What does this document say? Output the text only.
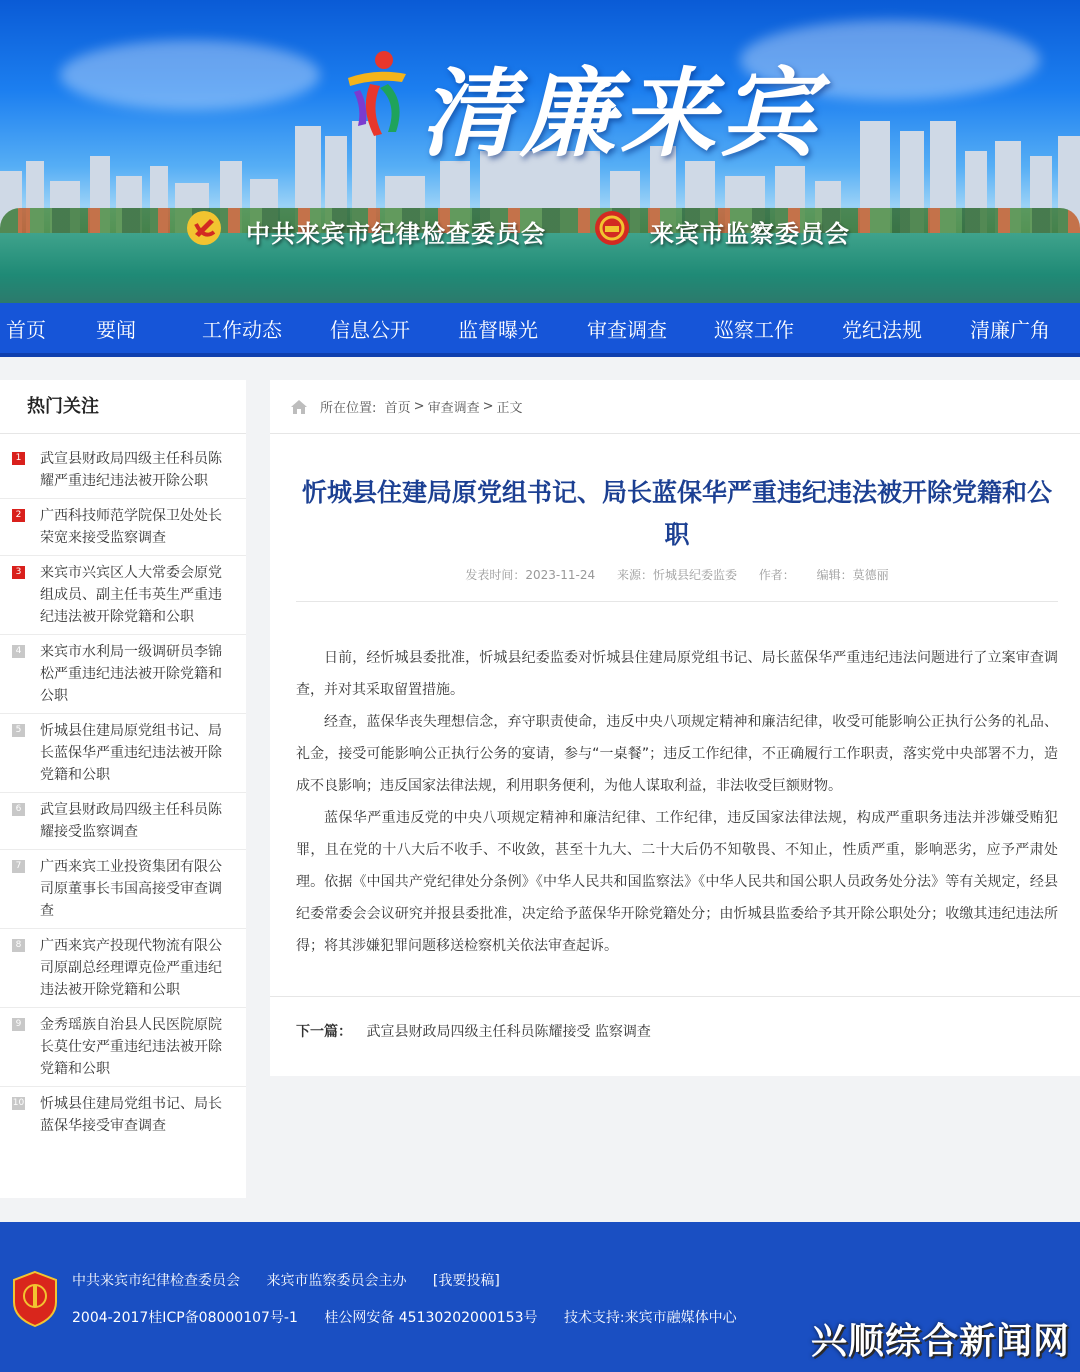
清廉来宾
中共来宾市纪律检查委员会	来宾市监察委员会
首页	要闻	工作动态 信息公开 监督曝光 审查调查 巡察工作 党纪法规 清廉广角
热门关注
1 武宣县财政局四级主任科员陈耀严重违纪违法被开除公职
2 广西科技师范学院保卫处处长荣宽来接受监察调查
3 来宾市兴宾区人大常委会原党组成员、副主任韦英生严重违纪违法被开除党籍和公职
4 来宾市水利局一级调研员李锦松严重违纪违法被开除党籍和公职
5 忻城县住建局原党组书记、局长蓝保华严重违纪违法被开除党籍和公职
6 武宣县财政局四级主任科员陈耀接受监察调查
7 广西来宾工业投资集团有限公司原董事长韦国高接受审查调查
8 广西来宾产投现代物流有限公司原副总经理谭克俭严重违纪违法被开除党籍和公职
9 金秀瑶族自治县人民医院原院长莫仕安严重违纪违法被开除党籍和公职
10 忻城县住建局党组书记、局长蓝保华接受审查调查
所在位置:
首页 > 审查调查 > 正文
忻城县住建局原党组书记、局长蓝保华严重违纪违法被开除党籍和公职
发表时间：2023-11-24 来源：忻城县纪委监委 作者： 编辑：莫德丽

日前，经忻城县委批准，忻城县纪委监委对忻城县住建局原党组书记、局长蓝保华严重违纪违法问题进行了立案审查调查，并对其采取留置措施。

经查，蓝保华丧失理想信念，弃守职责使命，违反中央八项规定精神和廉洁纪律，收受可能影响公正执行公务的礼品、礼金，接受可能影响公正执行公务的宴请，参与“一桌餐”；违反工作纪律，不正确履行工作职责，落实党中央部署不力，造成不良影响；违反国家法律法规，利用职务便利，为他人谋取利益，非法收受巨额财物。

蓝保华严重违反党的中央八项规定精神和廉洁纪律、工作纪律，违反国家法律法规，构成严重职务违法并涉嫌受贿犯罪，且在党的十八大后不收手、不收敛，甚至十九大、二十大后仍不知敬畏、不知止，性质严重，影响恶劣，应予严肃处理。依据《中国共产党纪律处分条例》《中华人民共和国监察法》《中华人民共和国公职人员政务处分法》等有关规定，经县纪委常委会会议研究并报县委批准，决定给予蓝保华开除党籍处分；由忻城县监委给予其开除公职处分；收缴其违纪违法所得；将其涉嫌犯罪问题移送检察机关依法审查起诉。

下一篇： 武宣县财政局四级主任科员陈耀接受 监察调查
中共来宾市纪律检查委员会 来宾市监察委员会主办 [我要投稿]
2004-2017桂ICP备08000107号-1 桂公网安备 45130202000153号 技术支持:来宾市融媒体中心
兴顺综合新闻网
